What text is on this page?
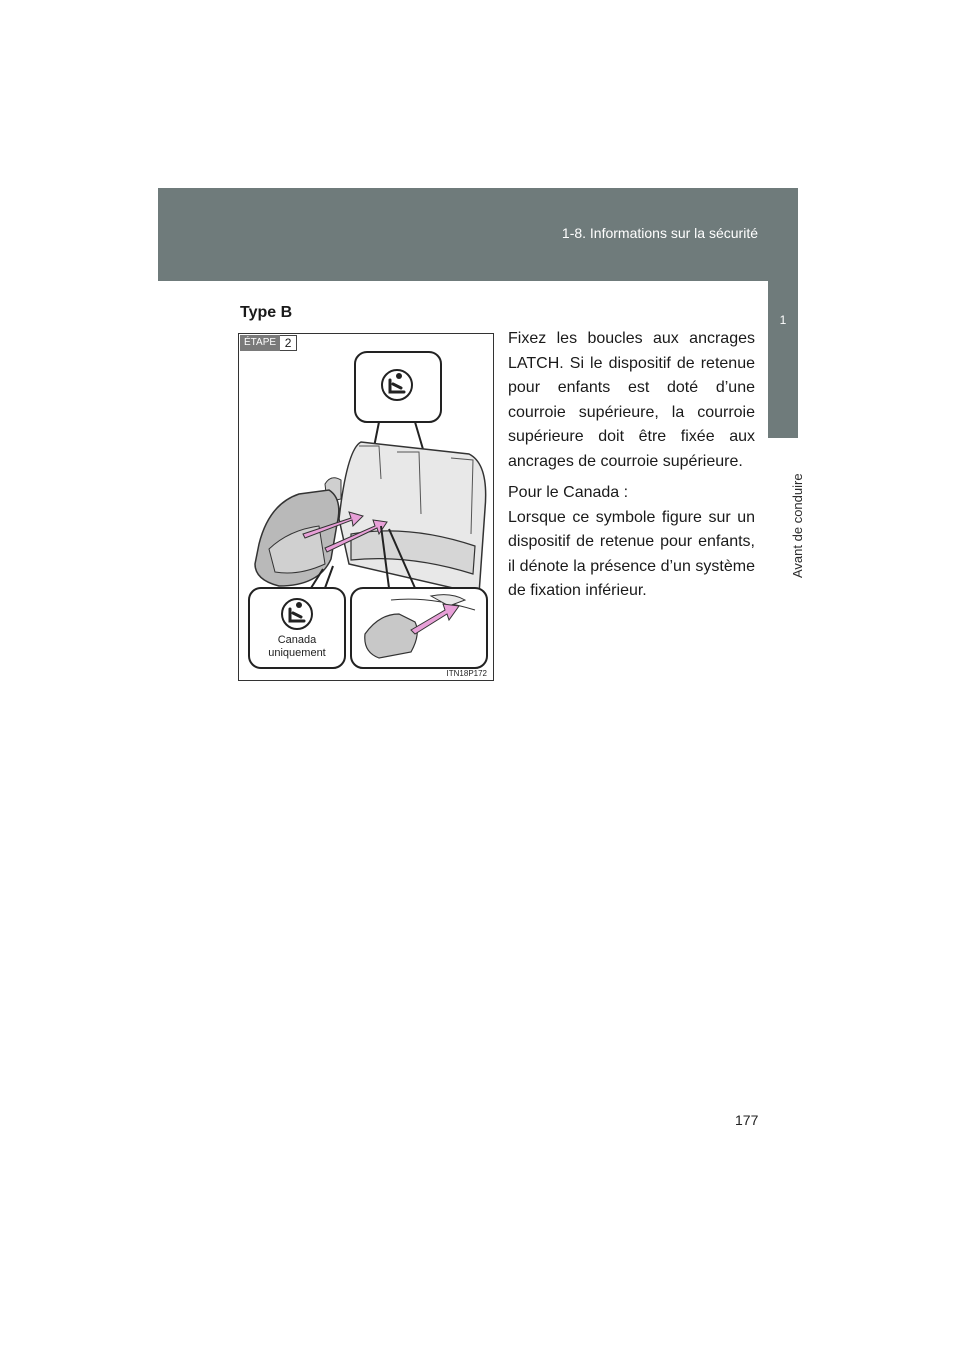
1-8. Informations sur la sécurité
1
Avant de conduire
Type B
ÉTAPE 2
Canada
uniquement
ITN18P172

Fixez les boucles aux ancrages LATCH. Si le dispositif de retenue pour enfants est doté d’une courroie supérieure, la courroie supérieure doit être fixée aux ancrages de courroie supérieure.

Pour le Canada :

Lorsque ce symbole figure sur un dispositif de retenue pour enfants, il dénote la présence d’un système de fixation inférieur.

177
